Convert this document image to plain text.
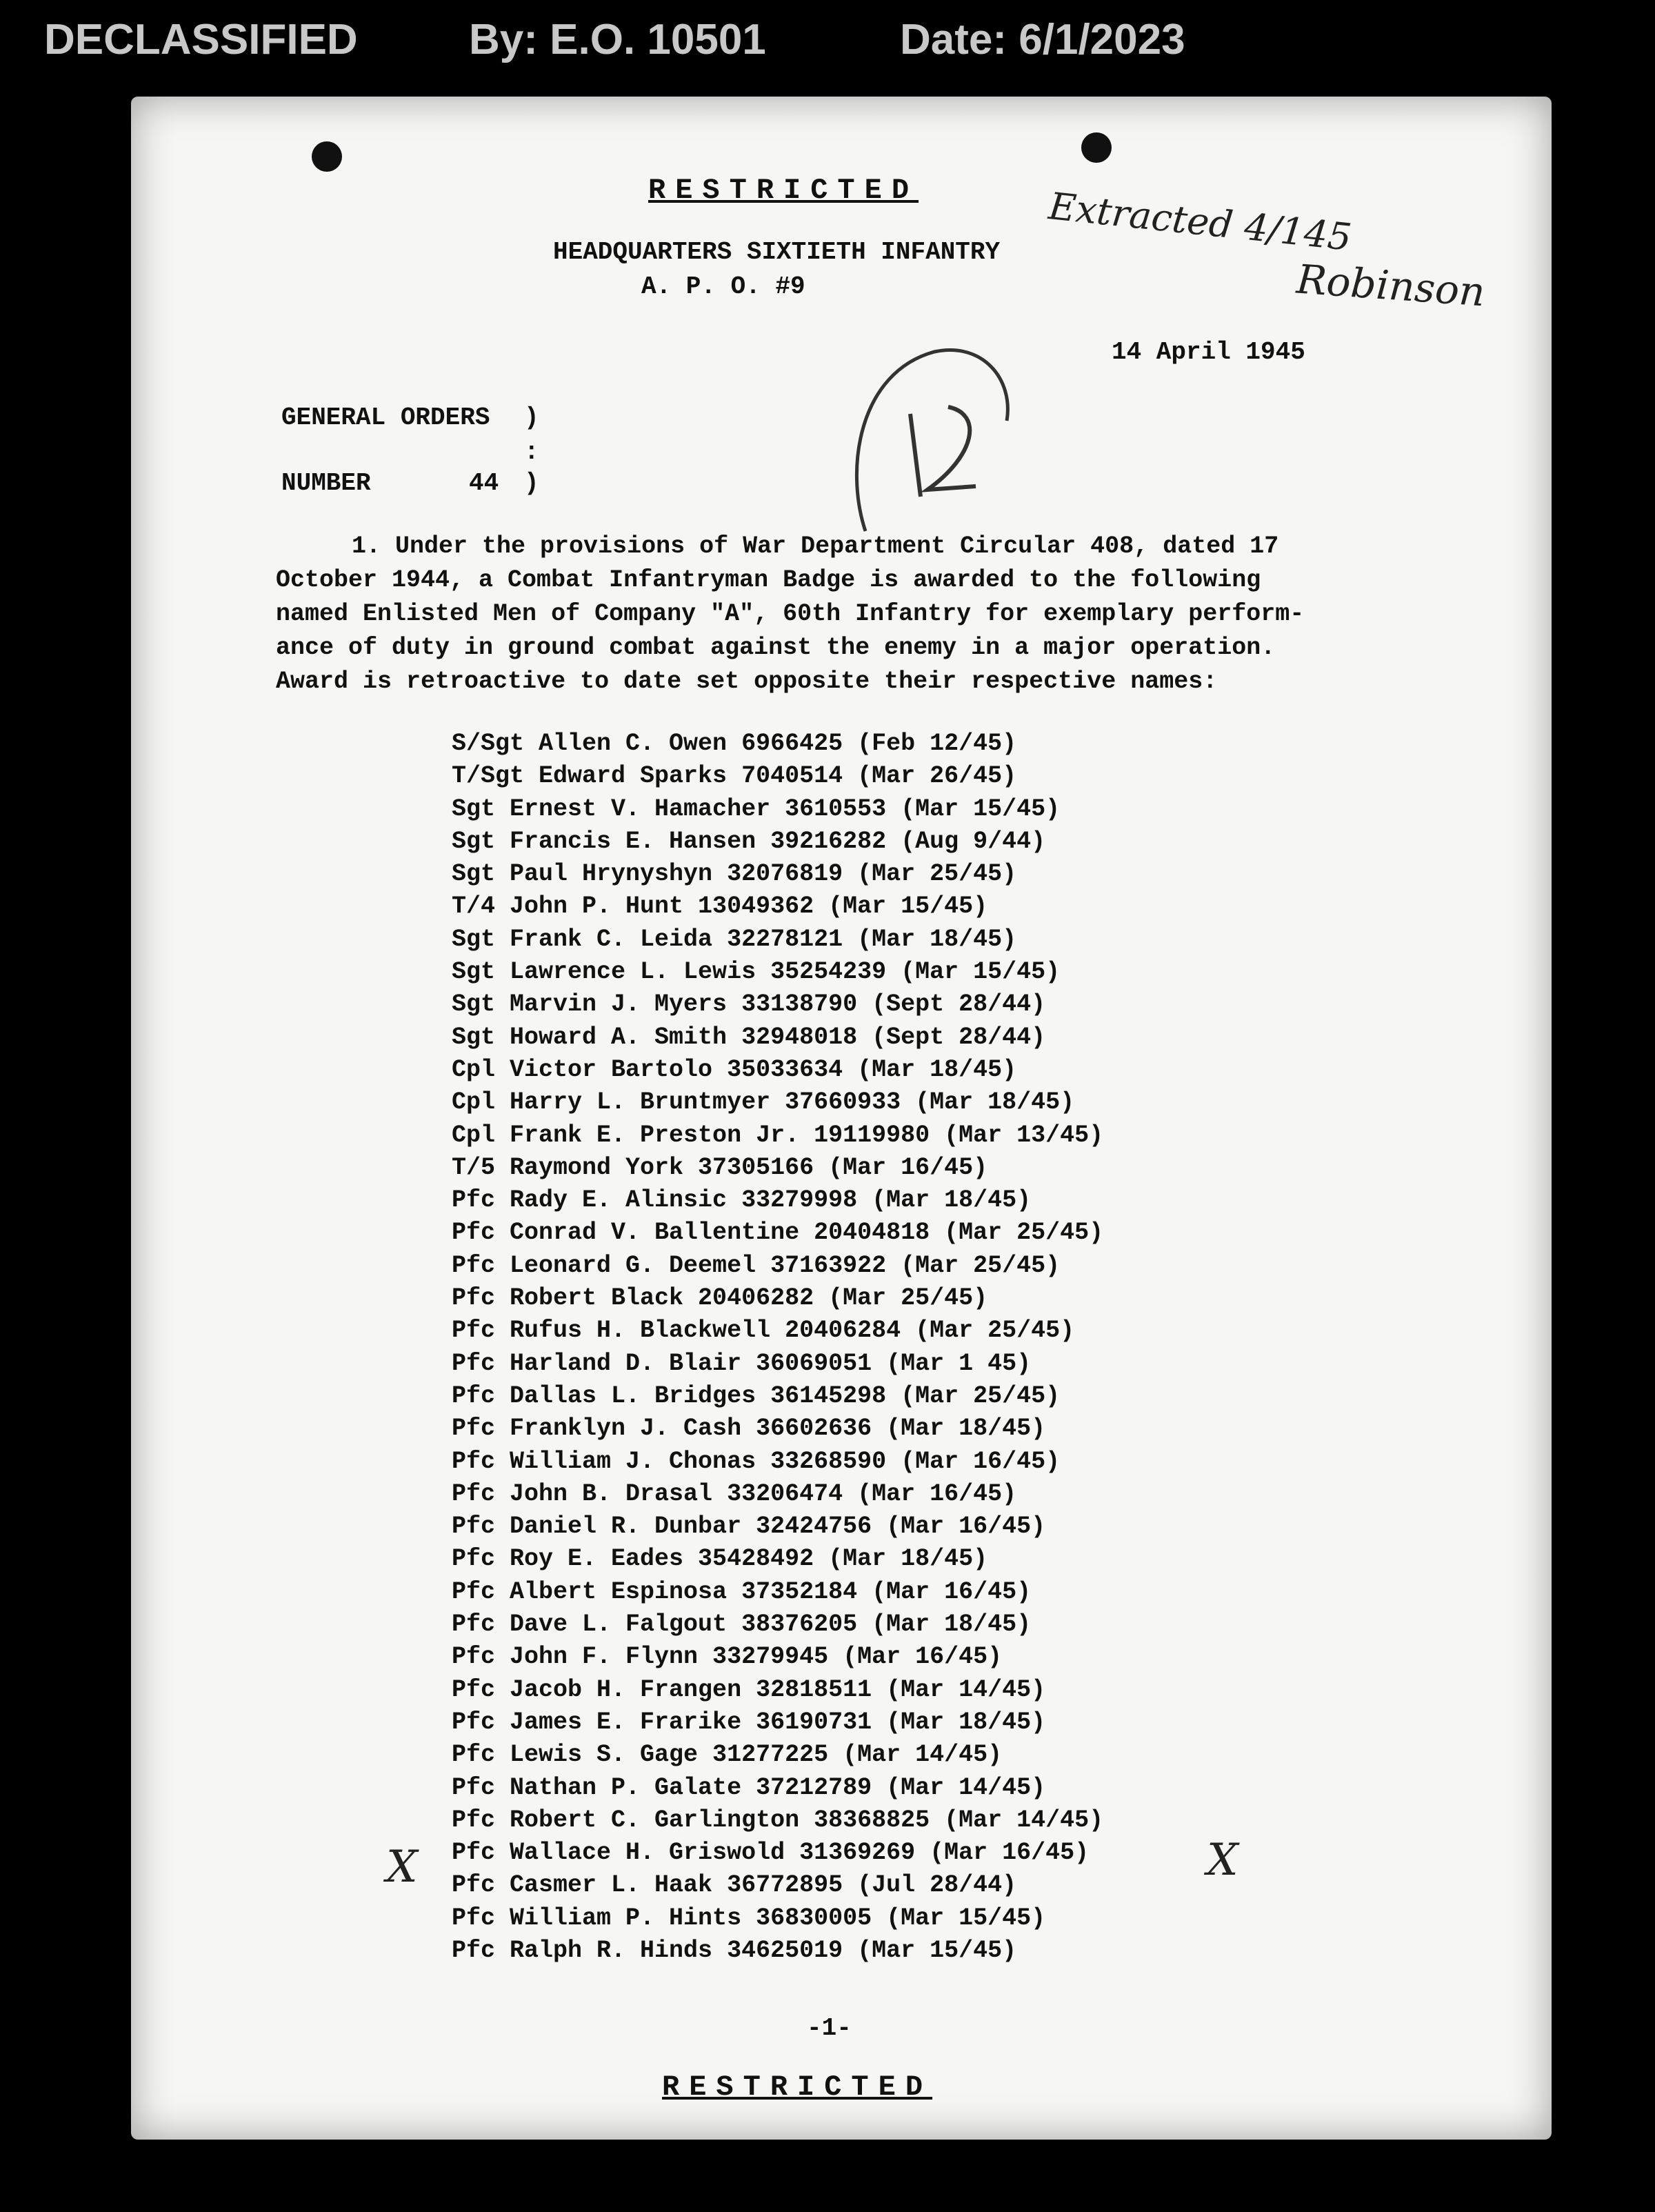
DECLASSIFIED	By: E.O. 10501	Date: 6/1/2023
RESTRICTED
HEADQUARTERS SIXTIETH INFANTRY
A. P. O. #9
14 April 1945
GENERAL ORDERS )
:
NUMBER	44 )
1. Under the provisions of War Department Circular 408, dated 17
October 1944, a Combat Infantryman Badge is awarded to the following
named Enlisted Men of Company "A", 60th Infantry for exemplary perform-
ance of duty in ground combat against the enemy in a major operation.
Award is retroactive to date set opposite their respective names:
S/Sgt Allen C. Owen 6966425 (Feb 12/45)
T/Sgt Edward Sparks 7040514 (Mar 26/45)
Sgt Ernest V. Hamacher 3610553 (Mar 15/45)
Sgt Francis E. Hansen 39216282 (Aug 9/44)
Sgt Paul Hrynyshyn 32076819 (Mar 25/45)
T/4 John P. Hunt 13049362 (Mar 15/45)
Sgt Frank C. Leida 32278121 (Mar 18/45)
Sgt Lawrence L. Lewis 35254239 (Mar 15/45)
Sgt Marvin J. Myers 33138790 (Sept 28/44)
Sgt Howard A. Smith 32948018 (Sept 28/44)
Cpl Victor Bartolo 35033634 (Mar 18/45)
Cpl Harry L. Bruntmyer 37660933 (Mar 18/45)
Cpl Frank E. Preston Jr. 19119980 (Mar 13/45)
T/5 Raymond York 37305166 (Mar 16/45)
Pfc Rady E. Alinsic 33279998 (Mar 18/45)
Pfc Conrad V. Ballentine 20404818 (Mar 25/45)
Pfc Leonard G. Deemel 37163922 (Mar 25/45)
Pfc Robert Black 20406282 (Mar 25/45)
Pfc Rufus H. Blackwell 20406284 (Mar 25/45)
Pfc Harland D. Blair 36069051 (Mar 1 45)
Pfc Dallas L. Bridges 36145298 (Mar 25/45)
Pfc Franklyn J. Cash 36602636 (Mar 18/45)
Pfc William J. Chonas 33268590 (Mar 16/45)
Pfc John B. Drasal 33206474 (Mar 16/45)
Pfc Daniel R. Dunbar 32424756 (Mar 16/45)
Pfc Roy E. Eades 35428492 (Mar 18/45)
Pfc Albert Espinosa 37352184 (Mar 16/45)
Pfc Dave L. Falgout 38376205 (Mar 18/45)
Pfc John F. Flynn 33279945 (Mar 16/45)
Pfc Jacob H. Frangen 32818511 (Mar 14/45)
Pfc James E. Frarike 36190731 (Mar 18/45)
Pfc Lewis S. Gage 31277225 (Mar 14/45)
Pfc Nathan P. Galate 37212789 (Mar 14/45)
Pfc Robert C. Garlington 38368825 (Mar 14/45)
Pfc Wallace H. Griswold 31369269 (Mar 16/45)
Pfc Casmer L. Haak 36772895 (Jul 28/44)
Pfc William P. Hints 36830005 (Mar 15/45)
Pfc Ralph R. Hinds 34625019 (Mar 15/45)
-1-
RESTRICTED
Extracted 4/145
Robinson
X	X
